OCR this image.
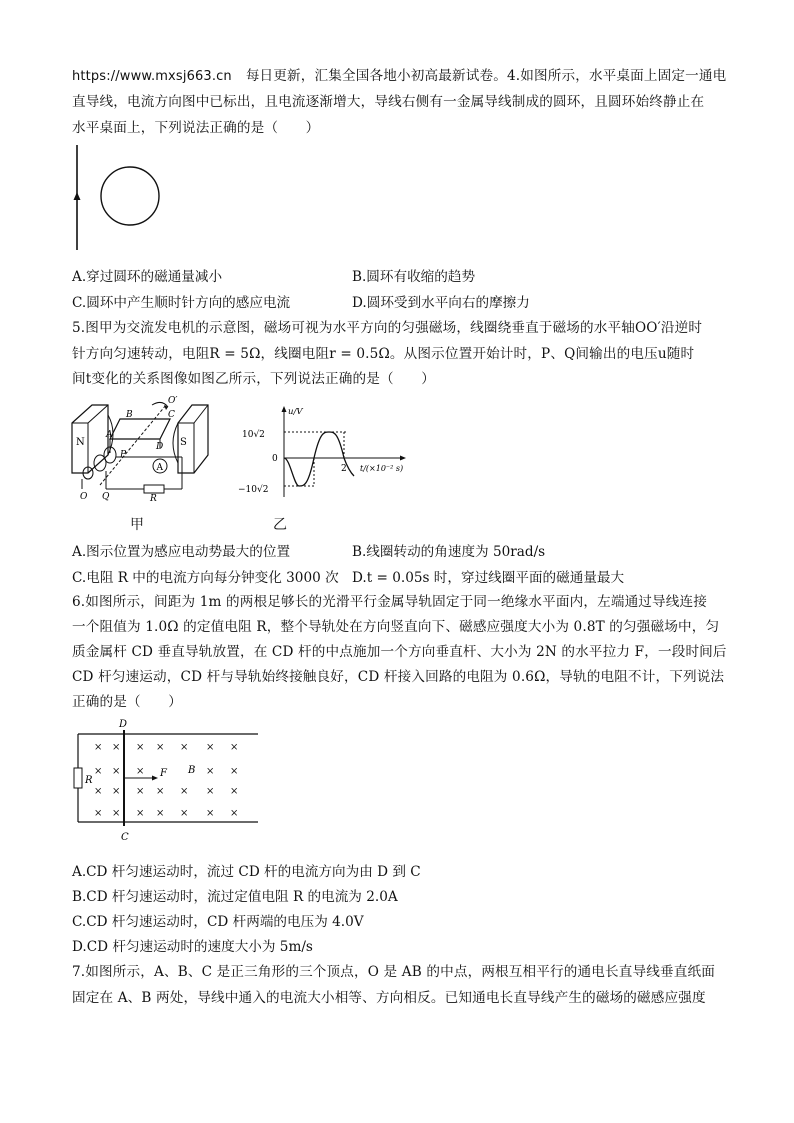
https://www.mxsj663.cn 每日更新，汇集全国各地小初高最新试卷。4.如图所示，水平桌面上固定一通电
直导线，电流方向图中已标出，且电流逐渐增大，导线右侧有一金属导线制成的圆环，且圆环始终静止在
水平桌面上，下列说法正确的是（　　）
A.穿过圆环的磁通量减小	B.圆环有收缩的趋势
C.圆环中产生顺时针方向的感应电流	D.圆环受到水平向右的摩擦力
5.图甲为交流发电机的示意图，磁场可视为水平方向的匀强磁场，线圈绕垂直于磁场的水平轴OO′沿逆时
针方向匀速转动，电阻R = 5Ω，线圈电阻r = 0.5Ω。从图示位置开始计时，P、Q间输出的电压u随时
间t变化的关系图像如图乙所示，下列说法正确的是（　　）
N	S
O′
B	C
D
A
P
A
R
O Q
甲
u/V
t/(×10⁻² s)
10√2
0
−10√2
2
乙
A.图示位置为感应电动势最大的位置	B.线圈转动的角速度为 50rad/s
C.电阻 R 中的电流方向每分钟变化 3000 次 D.t = 0.05s 时，穿过线圈平面的磁通量最大
6.如图所示，间距为 1m 的两根足够长的光滑平行金属导轨固定于同一绝缘水平面内，左端通过导线连接
一个阻值为 1.0Ω 的定值电阻 R，整个导轨处在方向竖直向下、磁感应强度大小为 0.8T 的匀强磁场中，匀
质金属杆 CD 垂直导轨放置，在 CD 杆的中点施加一个方向垂直杆、大小为 2N 的水平拉力 F，一段时间后
CD 杆匀速运动，CD 杆与导轨始终接触良好，CD 杆接入回路的电阻为 0.6Ω，导轨的电阻不计，下列说法
正确的是（　　）
R
D
C
F B
× × × × × × ×
× × ×	× ×
× × × × × × ×
× × × × × × ×
A.CD 杆匀速运动时，流过 CD 杆的电流方向为由 D 到 C
B.CD 杆匀速运动时，流过定值电阻 R 的电流为 2.0A
C.CD 杆匀速运动时，CD 杆两端的电压为 4.0V
D.CD 杆匀速运动时的速度大小为 5m/s
7.如图所示，A、B、C 是正三角形的三个顶点，O 是 AB 的中点，两根互相平行的通电长直导线垂直纸面
固定在 A、B 两处，导线中通入的电流大小相等、方向相反。已知通电长直导线产生的磁场的磁感应强度
